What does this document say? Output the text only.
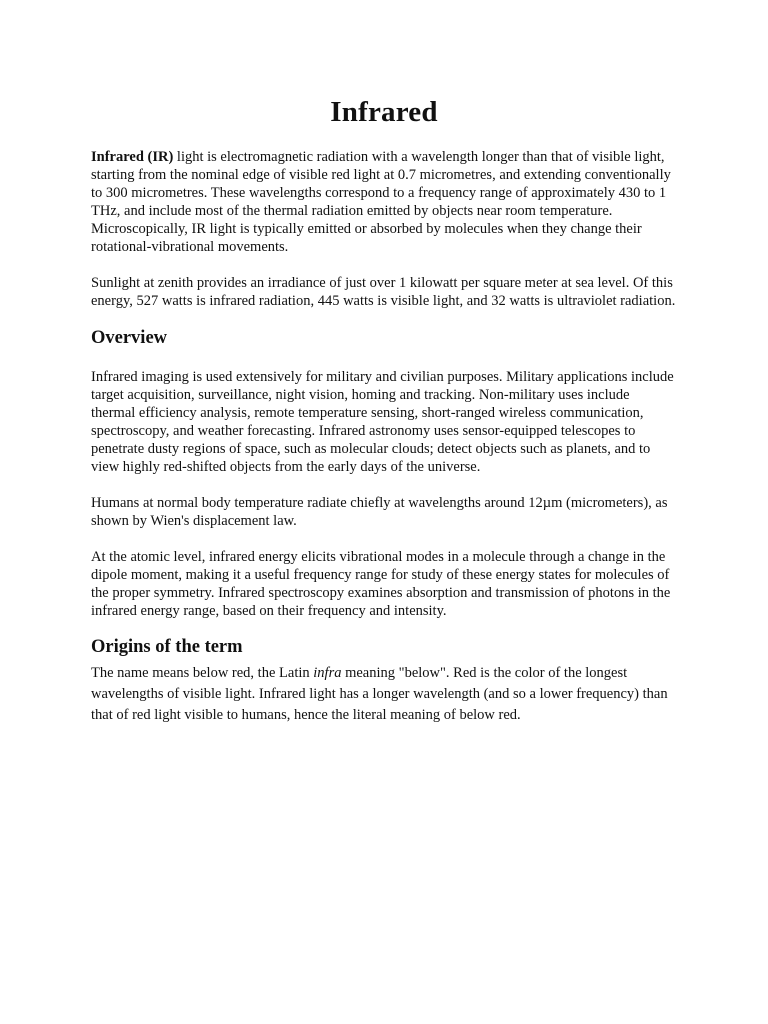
Infrared

Infrared (IR) light is electromagnetic radiation with a wavelength longer than that of visible light, starting from the nominal edge of visible red light at 0.7 micrometres, and extending conventionally to 300 micrometres. These wavelengths correspond to a frequency range of approximately 430 to 1 THz, and include most of the thermal radiation emitted by objects near room temperature. Microscopically, IR light is typically emitted or absorbed by molecules when they change their rotational-vibrational movements.

Sunlight at zenith provides an irradiance of just over 1 kilowatt per square meter at sea level. Of this energy, 527 watts is infrared radiation, 445 watts is visible light, and 32 watts is ultraviolet radiation.

Overview

Infrared imaging is used extensively for military and civilian purposes. Military applications include target acquisition, surveillance, night vision, homing and tracking. Non-military uses include thermal efficiency analysis, remote temperature sensing, short-ranged wireless communication, spectroscopy, and weather forecasting. Infrared astronomy uses sensor-equipped telescopes to penetrate dusty regions of space, such as molecular clouds; detect objects such as planets, and to view highly red-shifted objects from the early days of the universe.

Humans at normal body temperature radiate chiefly at wavelengths around 12µm (micrometers), as shown by Wien's displacement law.

At the atomic level, infrared energy elicits vibrational modes in a molecule through a change in the dipole moment, making it a useful frequency range for study of these energy states for molecules of the proper symmetry. Infrared spectroscopy examines absorption and transmission of photons in the infrared energy range, based on their frequency and intensity.

Origins of the term

The name means below red, the Latin infra meaning "below". Red is the color of the longest wavelengths of visible light. Infrared light has a longer wavelength (and so a lower frequency) than that of red light visible to humans, hence the literal meaning of below red.
